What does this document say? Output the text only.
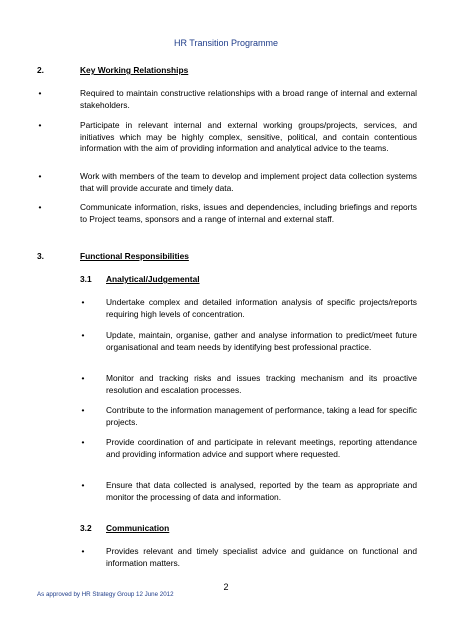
HR Transition Programme
2.	Key Working Relationships
•	Required to maintain constructive relationships with a broad range of internal and external stakeholders.
•	Participate in relevant internal and external working groups/projects, services, and initiatives which may be highly complex, sensitive, political, and contain contentious information with the aim of providing information and analytical advice to the teams.
•	Work with members of the team to develop and implement project data collection systems that will provide accurate and timely data.
•	Communicate information, risks, issues and dependencies, including briefings and reports to Project teams, sponsors and a range of internal and external staff.
3.	Functional Responsibilities
3.1 Analytical/Judgemental
•	Undertake complex and detailed information analysis of specific projects/reports requiring high levels of concentration.
•	Update, maintain, organise, gather and analyse information to predict/meet future organisational and team needs by identifying best professional practice.
•	Monitor and tracking risks and issues tracking mechanism and its proactive resolution and escalation processes.
•	Contribute to the information management of performance, taking a lead for specific projects.
•	Provide coordination of and participate in relevant meetings, reporting attendance and providing information advice and support where requested.
•	Ensure that data collected is analysed, reported by the team as appropriate and monitor the processing of data and information.
3.2 Communication
•	Provides relevant and timely specialist advice and guidance on functional and information matters.
2
As approved by HR Strategy Group 12 June 2012
